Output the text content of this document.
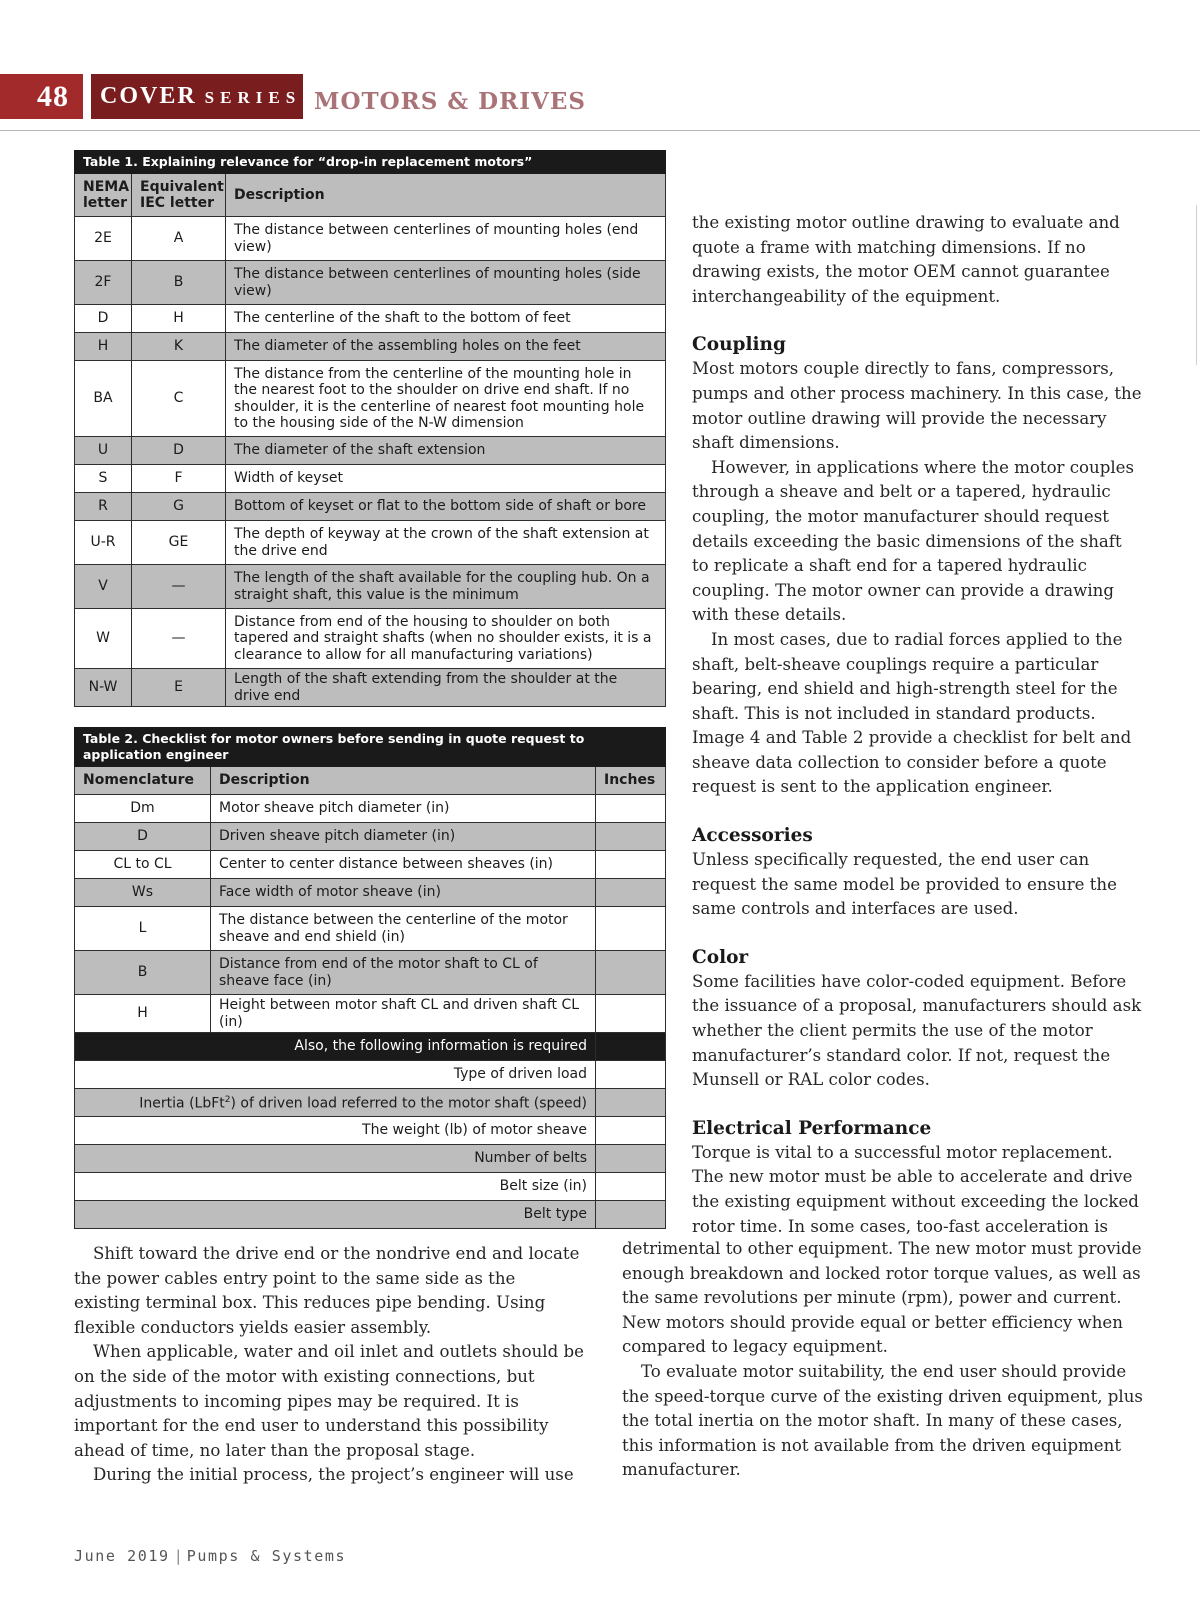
48	COVER SERIES MOTORS & DRIVES
Table 1. Explaining relevance for “drop-in replacement motors”		
NEMA letter	Equivalent IEC letter	Description
2E	A	The distance between centerlines of mounting holes (end view)
2F	B	The distance between centerlines of mounting holes (side view)
D	H	The centerline of the shaft to the bottom of feet
H	K	The diameter of the assembling holes on the feet
BA	C	The distance from the centerline of the mounting hole in the nearest foot to the shoulder on drive end shaft. If no shoulder, it is the centerline of nearest foot mounting hole to the housing side of the N-W dimension
U	D	The diameter of the shaft extension
S	F	Width of keyset
R	G	Bottom of keyset or flat to the bottom side of shaft or bore
U-R	GE	The depth of keyway at the crown of the shaft extension at the drive end
V	—	The length of the shaft available for the coupling hub. On a straight shaft, this value is the minimum
W	—	Distance from end of the housing to shoulder on both tapered and straight shafts (when no shoulder exists, it is a clearance to allow for all manufacturing variations)
N-W	E	Length of the shaft extending from the shoulder at the drive end
Table 2. Checklist for motor owners before sending in quote request to application engineer		
Nomenclature	Description	Inches
Dm	Motor sheave pitch diameter (in)	
D	Driven sheave pitch diameter (in)	
CL to CL	Center to center distance between sheaves (in)	
Ws	Face width of motor sheave (in)	
L	The distance between the centerline of the motor sheave and end shield (in)	
B	Distance from end of the motor shaft to CL of sheave face (in)	
H	Height between motor shaft CL and driven shaft CL (in)	
Also, the following information is required		
Type of driven load		
Inertia (LbFt$^2$) of driven load referred to the motor shaft (speed)		
The weight (lb) of motor sheave		
Number of belts		
Belt size (in)		
Belt type		

Shift toward the drive end or the nondrive end and locate the power cables entry point to the same side as the existing terminal box. This reduces pipe bending. Using flexible conductors yields easier assembly.

When applicable, water and oil inlet and outlets should be on the side of the motor with existing connections, but adjustments to incoming pipes may be required. It is important for the end user to understand this possibility ahead of time, no later than the proposal stage.

During the initial process, the project’s engineer will use

the existing motor outline drawing to evaluate and quote a frame with matching dimensions. If no drawing exists, the motor OEM cannot guarantee interchangeability of the equipment.

Coupling

Most motors couple directly to fans, compressors, pumps and other process machinery. In this case, the motor outline drawing will provide the necessary shaft dimensions.

However, in applications where the motor couples through a sheave and belt or a tapered, hydraulic coupling, the motor manufacturer should request details exceeding the basic dimensions of the shaft to replicate a shaft end for a tapered hydraulic coupling. The motor owner can provide a drawing with these details.

In most cases, due to radial forces applied to the shaft, belt-sheave couplings require a particular bearing, end shield and high-strength steel for the shaft. This is not included in standard products. Image 4 and Table 2 provide a checklist for belt and sheave data collection to consider before a quote request is sent to the application engineer.

Accessories

Unless specifically requested, the end user can request the same model be provided to ensure the same controls and interfaces are used.

Color

Some facilities have color-coded equipment. Before the issuance of a proposal, manufacturers should ask whether the client permits the use of the motor manufacturer’s standard color. If not, request the Munsell or RAL color codes.

Electrical Performance

Torque is vital to a successful motor replacement. The new motor must be able to accelerate and drive the existing equipment without exceeding the locked rotor time. In some cases, too-fast acceleration is

detrimental to other equipment. The new motor must provide enough breakdown and locked rotor torque values, as well as the same revolutions per minute (rpm), power and current. New motors should provide equal or better efficiency when compared to legacy equipment.

To evaluate motor suitability, the end user should provide the speed-torque curve of the existing driven equipment, plus the total inertia on the motor shaft. In many of these cases, this information is not available from the driven equipment manufacturer.

June 2019 | Pumps & Systems
